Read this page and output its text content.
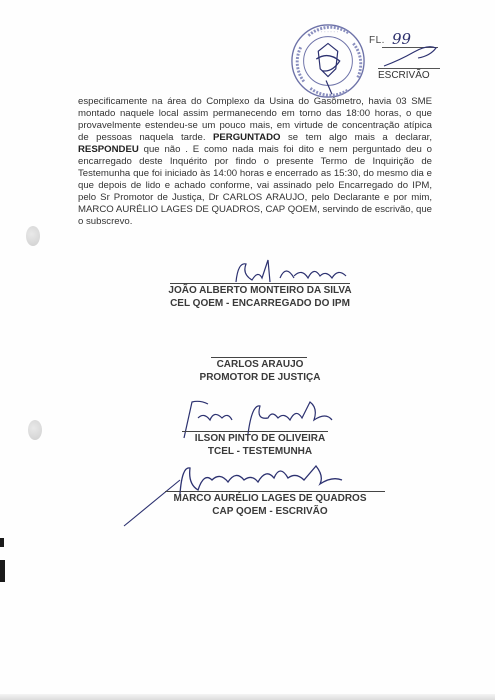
· · · · · · ·
FL. 99
ESCRIVÃO
especificamente na área do Complexo da Usina do Gasômetro, havia 03 SME montado naquele local assim permanecendo em torno das 18:00 horas, o que provavelmente estendeu-se um pouco mais, em virtude de concentração atípica de pessoas naquela tarde. PERGUNTADO se tem algo mais a declarar, RESPONDEU que não . E como nada mais foi dito e nem perguntado deu o encarregado deste Inquérito por findo o presente Termo de Inquirição de Testemunha que foi iniciado às 14:00 horas e encerrado as 15:30, do mesmo dia e que depois de lido e achado conforme, vai assinado pelo Encarregado do IPM, pelo Sr Promotor de Justiça, Dr CARLOS ARAUJO, pelo Declarante e por mim, MARCO AURÉLIO LAGES DE QUADROS, CAP QOEM, servindo de escrivão, que o subscrevo.
JOÃO ALBERTO MONTEIRO DA SILVA
CEL QOEM - ENCARREGADO DO IPM
CARLOS ARAUJO
PROMOTOR DE JUSTIÇA
ILSON PINTO DE OLIVEIRA
TCEL - TESTEMUNHA
MARCO AURÉLIO LAGES DE QUADROS
CAP QOEM - ESCRIVÃO
